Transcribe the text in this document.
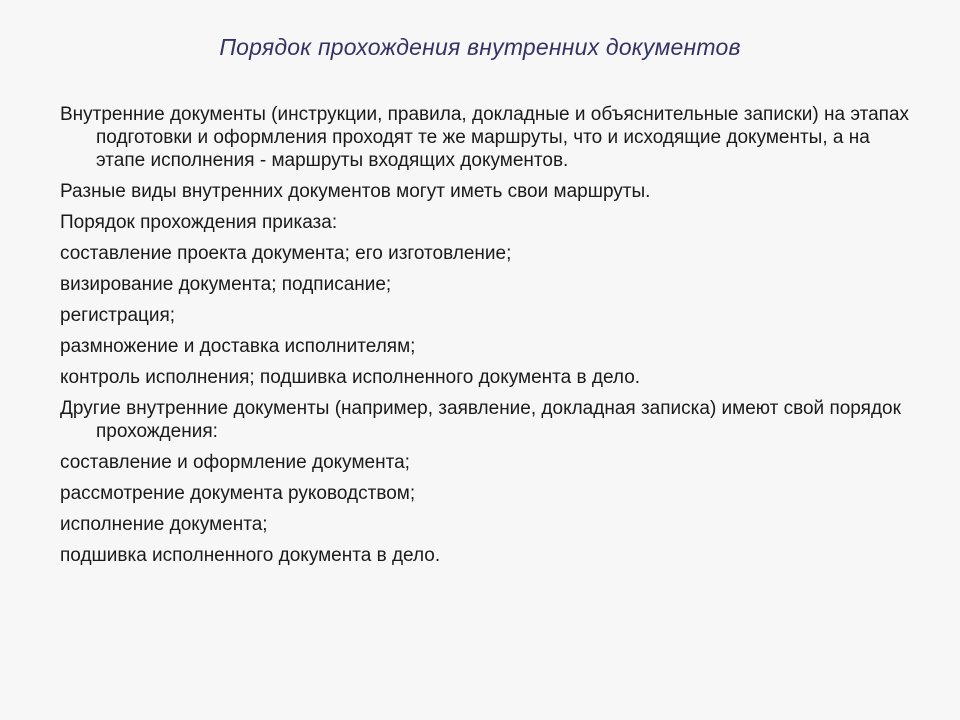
Порядок прохождения внутренних документов
Внутренние документы (инструкции, правила, докладные и объяснительные записки) на этапах подготовки и оформления проходят те же маршруты, что и исходящие документы, а на этапе исполнения - маршруты входящих документов.
Разные виды внутренних документов могут иметь свои маршруты.
Порядок прохождения приказа:
составление проекта документа; его изготовление;
визирование документа; подписание;
регистрация;
размножение и доставка исполнителям;
контроль исполнения; подшивка исполненного документа в дело.
Другие внутренние документы (например, заявление, докладная записка) имеют свой порядок прохождения:
составление и оформление документа;
рассмотрение документа руководством;
исполнение документа;
подшивка исполненного документа в дело.
